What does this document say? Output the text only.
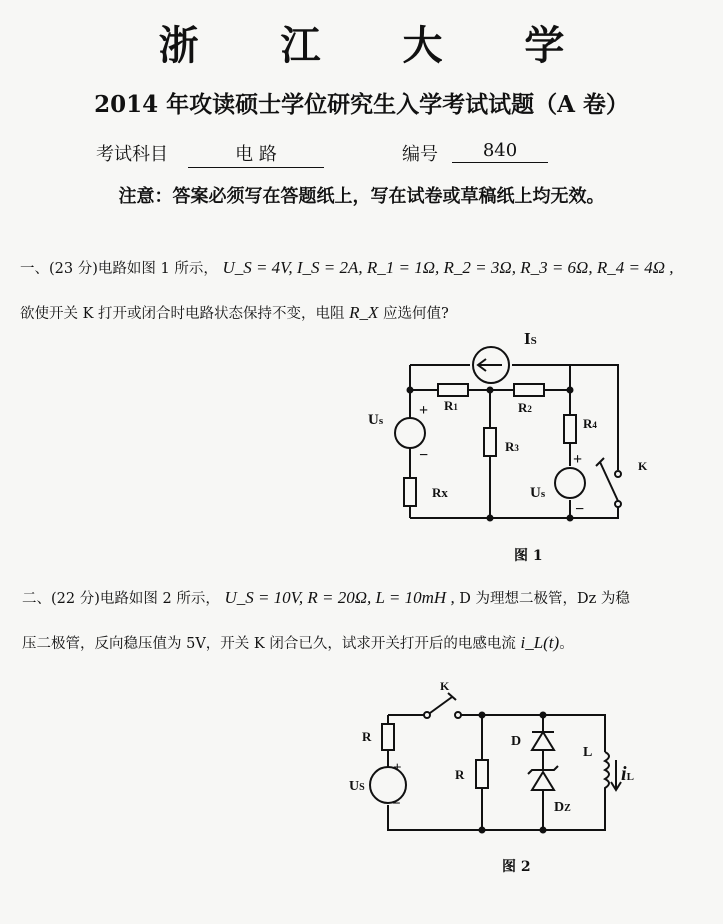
浙 江 大 学
2014 年攻读硕士学位研究生入学考试试题（A 卷）
考试科目	电 路	编号	840
注意：答案必须写在答题纸上，写在试卷或草稿纸上均无效。
一、(23 分)电路如图 1 所示， U_S = 4V, I_S = 2A, R_1 = 1Ω, R_2 = 3Ω, R_3 = 6Ω, R_4 = 4Ω ,
欲使开关 K 打开或闭合时电路状态保持不变，电阻 R_X 应选何值?
IS
R1	R2
R3
R4
Us
+
−
Rx	Us
+
−
K
K
R
US
+
−
R
D
DZ
L
iL
图 1
二、(22 分)电路如图 2 所示， U_S = 10V, R = 20Ω, L = 10mH , D 为理想二极管，Dz 为稳
压二极管，反向稳压值为 5V，开关 K 闭合已久，试求开关打开后的电感电流 i_L(t)。
图 2
